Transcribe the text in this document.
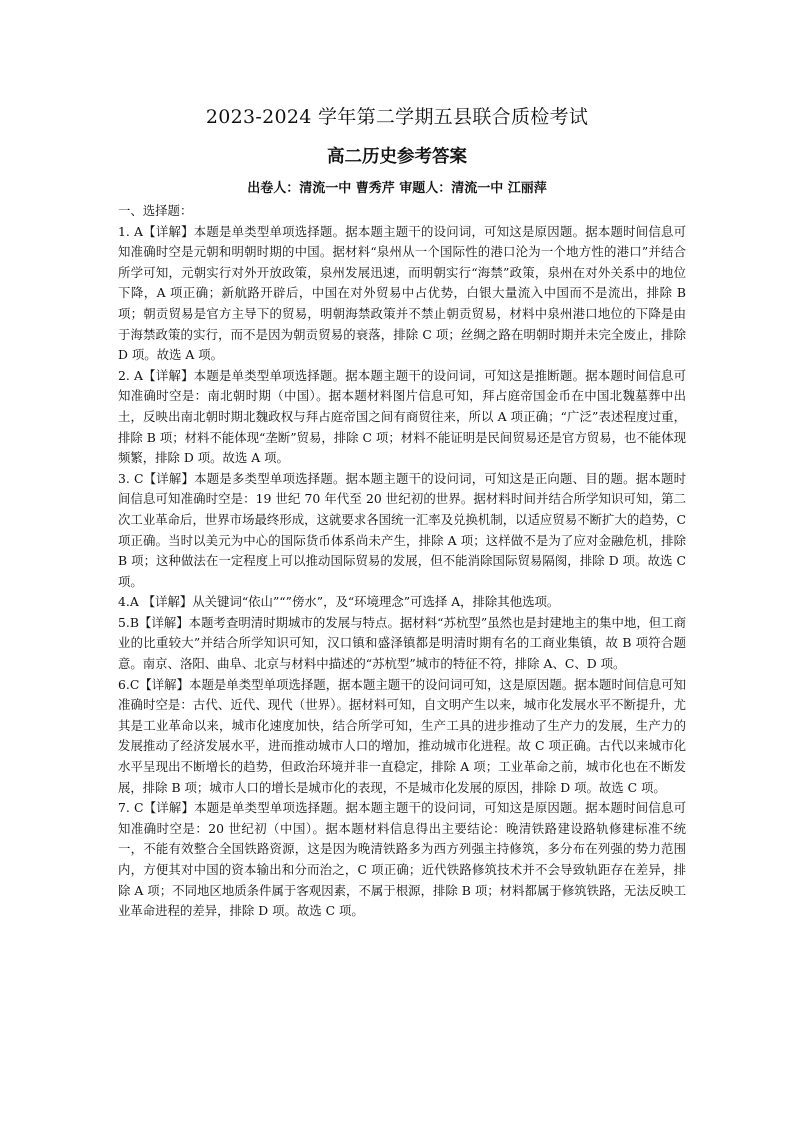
2023-2024 学年第二学期五县联合质检考试
高二历史参考答案
出卷人：清流一中 曹秀芹 审题人：清流一中 江丽萍

一、选择题：

1. A【详解】本题是单类型单项选择题。据本题主题干的设问词，可知这是原因题。据本题时间信息可知准确时空是元朝和明朝时期的中国。据材料“泉州从一个国际性的港口沦为一个地方性的港口”并结合所学可知，元朝实行对外开放政策，泉州发展迅速，而明朝实行“海禁”政策，泉州在对外关系中的地位下降，A 项正确；新航路开辟后，中国在对外贸易中占优势，白银大量流入中国而不是流出，排除 B 项；朝贡贸易是官方主导下的贸易，明朝海禁政策并不禁止朝贡贸易，材料中泉州港口地位的下降是由于海禁政策的实行，而不是因为朝贡贸易的衰落，排除 C 项；丝绸之路在明朝时期并未完全废止，排除 D 项。故选 A 项。

2. A【详解】本题是单类型单项选择题。据本题主题干的设问词，可知这是推断题。据本题时间信息可知准确时空是：南北朝时期（中国）。据本题材料图片信息可知，拜占庭帝国金币在中国北魏墓葬中出土，反映出南北朝时期北魏政权与拜占庭帝国之间有商贸往来，所以 A 项正确；“广泛”表述程度过重，排除 B 项；材料不能体现“垄断”贸易，排除 C 项；材料不能证明是民间贸易还是官方贸易，也不能体现频繁，排除 D 项。故选 A 项。

3. C【详解】本题是多类型单项选择题。据本题主题干的设问词，可知这是正向题、目的题。据本题时间信息可知准确时空是：19 世纪 70 年代至 20 世纪初的世界。据材料时间并结合所学知识可知，第二次工业革命后，世界市场最终形成，这就要求各国统一汇率及兑换机制，以适应贸易不断扩大的趋势，C 项正确。当时以美元为中心的国际货币体系尚未产生，排除 A 项；这样做不是为了应对金融危机，排除 B 项；这种做法在一定程度上可以推动国际贸易的发展，但不能消除国际贸易隔阂，排除 D 项。故选 C 项。

4.A 【详解】从关键词“依山”“”傍水”，及“环境理念”可选择 A，排除其他选项。

5.B【详解】本题考查明清时期城市的发展与特点。据材料“苏杭型”虽然也是封建地主的集中地，但工商业的比重较大”并结合所学知识可知，汉口镇和盛泽镇都是明清时期有名的工商业集镇，故 B 项符合题意。南京、洛阳、曲阜、北京与材料中描述的“苏杭型”城市的特征不符，排除 A、C、D 项。

6.C【详解】本题是单类型单项选择题，据本题主题干的设问词可知，这是原因题。据本题时间信息可知准确时空是：古代、近代、现代（世界）。据材料可知，自文明产生以来，城市化发展水平不断提升，尤其是工业革命以来，城市化速度加快，结合所学可知，生产工具的进步推动了生产力的发展，生产力的发展推动了经济发展水平，进而推动城市人口的增加，推动城市化进程。故 C 项正确。古代以来城市化水平呈现出不断增长的趋势，但政治环境并非一直稳定，排除 A 项；工业革命之前，城市化也在不断发展，排除 B 项；城市人口的增长是城市化的表现，不是城市化发展的原因，排除 D 项。故选 C 项。

7. C【详解】本题是单类型单项选择题。据本题主题干的设问词，可知这是原因题。据本题时间信息可知准确时空是：20 世纪初（中国）。据本题材料信息得出主要结论：晚清铁路建设路轨修建标准不统一，不能有效整合全国铁路资源，这是因为晚清铁路多为西方列强主持修筑，多分布在列强的势力范围内，方便其对中国的资本输出和分而治之，C 项正确；近代铁路修筑技术并不会导致轨距存在差异，排除 A 项；不同地区地质条件属于客观因素，不属于根源，排除 B 项；材料都属于修筑铁路，无法反映工业革命进程的差异，排除 D 项。故选 C 项。
